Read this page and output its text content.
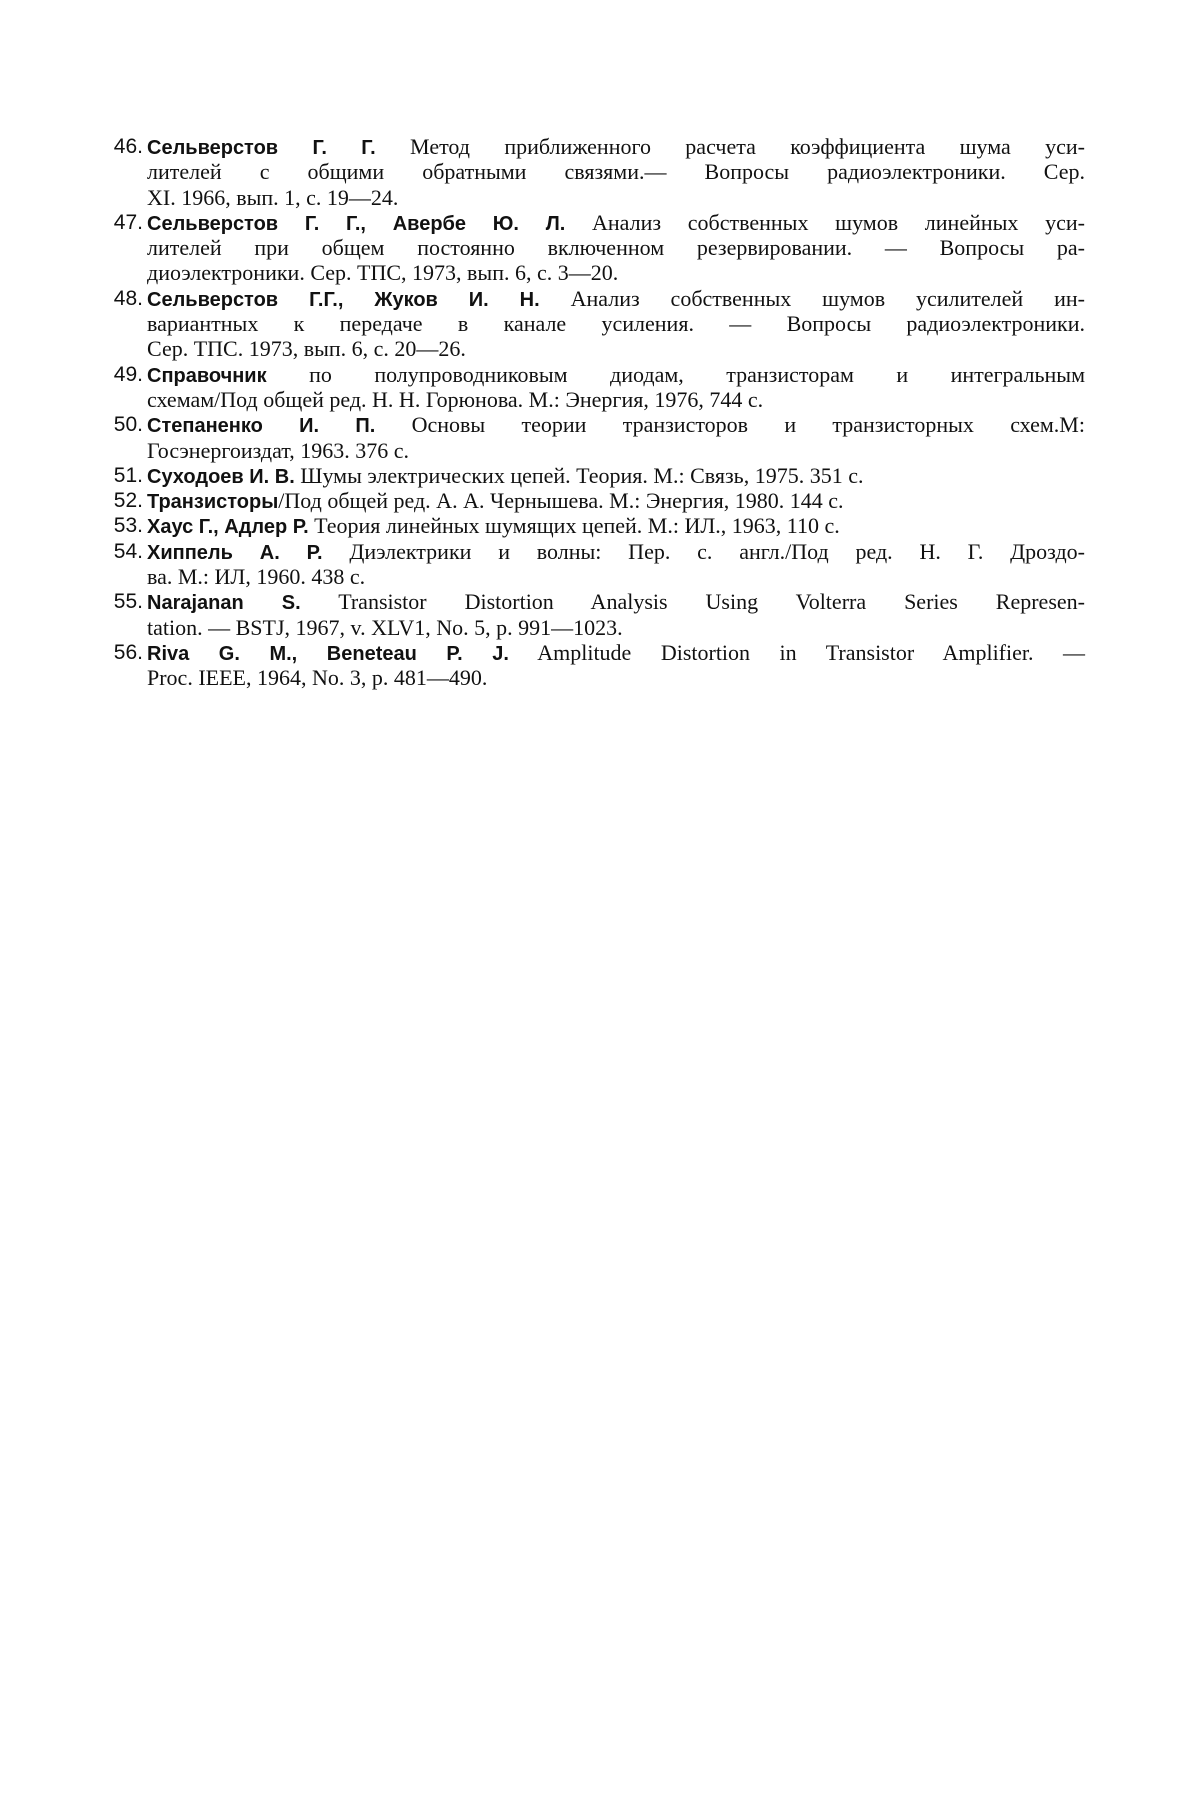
46. Сельверстов Г. Г. Метод приближенного расчета коэффициента шума уси-
лителей с общими обратными связями.— Вопросы радиоэлектроники. Сер.
XI. 1966, вып. 1, с. 19—24.
47. Сельверстов Г. Г., Авербе Ю. Л. Анализ собственных шумов линейных уси-
лителей при общем постоянно включенном резервировании. — Вопросы ра-
диоэлектроники. Сер. ТПС, 1973, вып. 6, с. 3—20.
48. Сельверстов Г.Г., Жуков И. Н. Анализ собственных шумов усилителей ин-
вариантных к передаче в канале усиления. — Вопросы радиоэлектроники.
Сер. ТПС. 1973, вып. 6, с. 20—26.
49. Справочник по полупроводниковым диодам, транзисторам и интегральным
схемам/Под общей ред. Н. Н. Горюнова. М.: Энергия, 1976, 744 с.
50. Степаненко И. П. Основы теории транзисторов и транзисторных схем.М:
Госэнергоиздат, 1963. 376 с.
51. Суходоев И. В. Шумы электрических цепей. Теория. М.: Связь, 1975. 351 с.
52. Транзисторы/Под общей ред. А. А. Чернышева. М.: Энергия, 1980. 144 с.
53. Хаус Г., Адлер Р. Теория линейных шумящих цепей. М.: ИЛ., 1963, 110 с.
54. Хиппель А. Р. Диэлектрики и волны: Пер. с. англ./Под ред. Н. Г. Дроздо-
ва. М.: ИЛ, 1960. 438 с.
55. Narajanan S. Transistor Distortion Analysis Using Volterra Series Represen-
tation. — BSTJ, 1967, v. XLV1, No. 5, p. 991—1023.
56. Riva G. M., Beneteau P. J. Amplitude Distortion in Transistor Amplifier. —
Proc. IEEE, 1964, No. 3, p. 481—490.
